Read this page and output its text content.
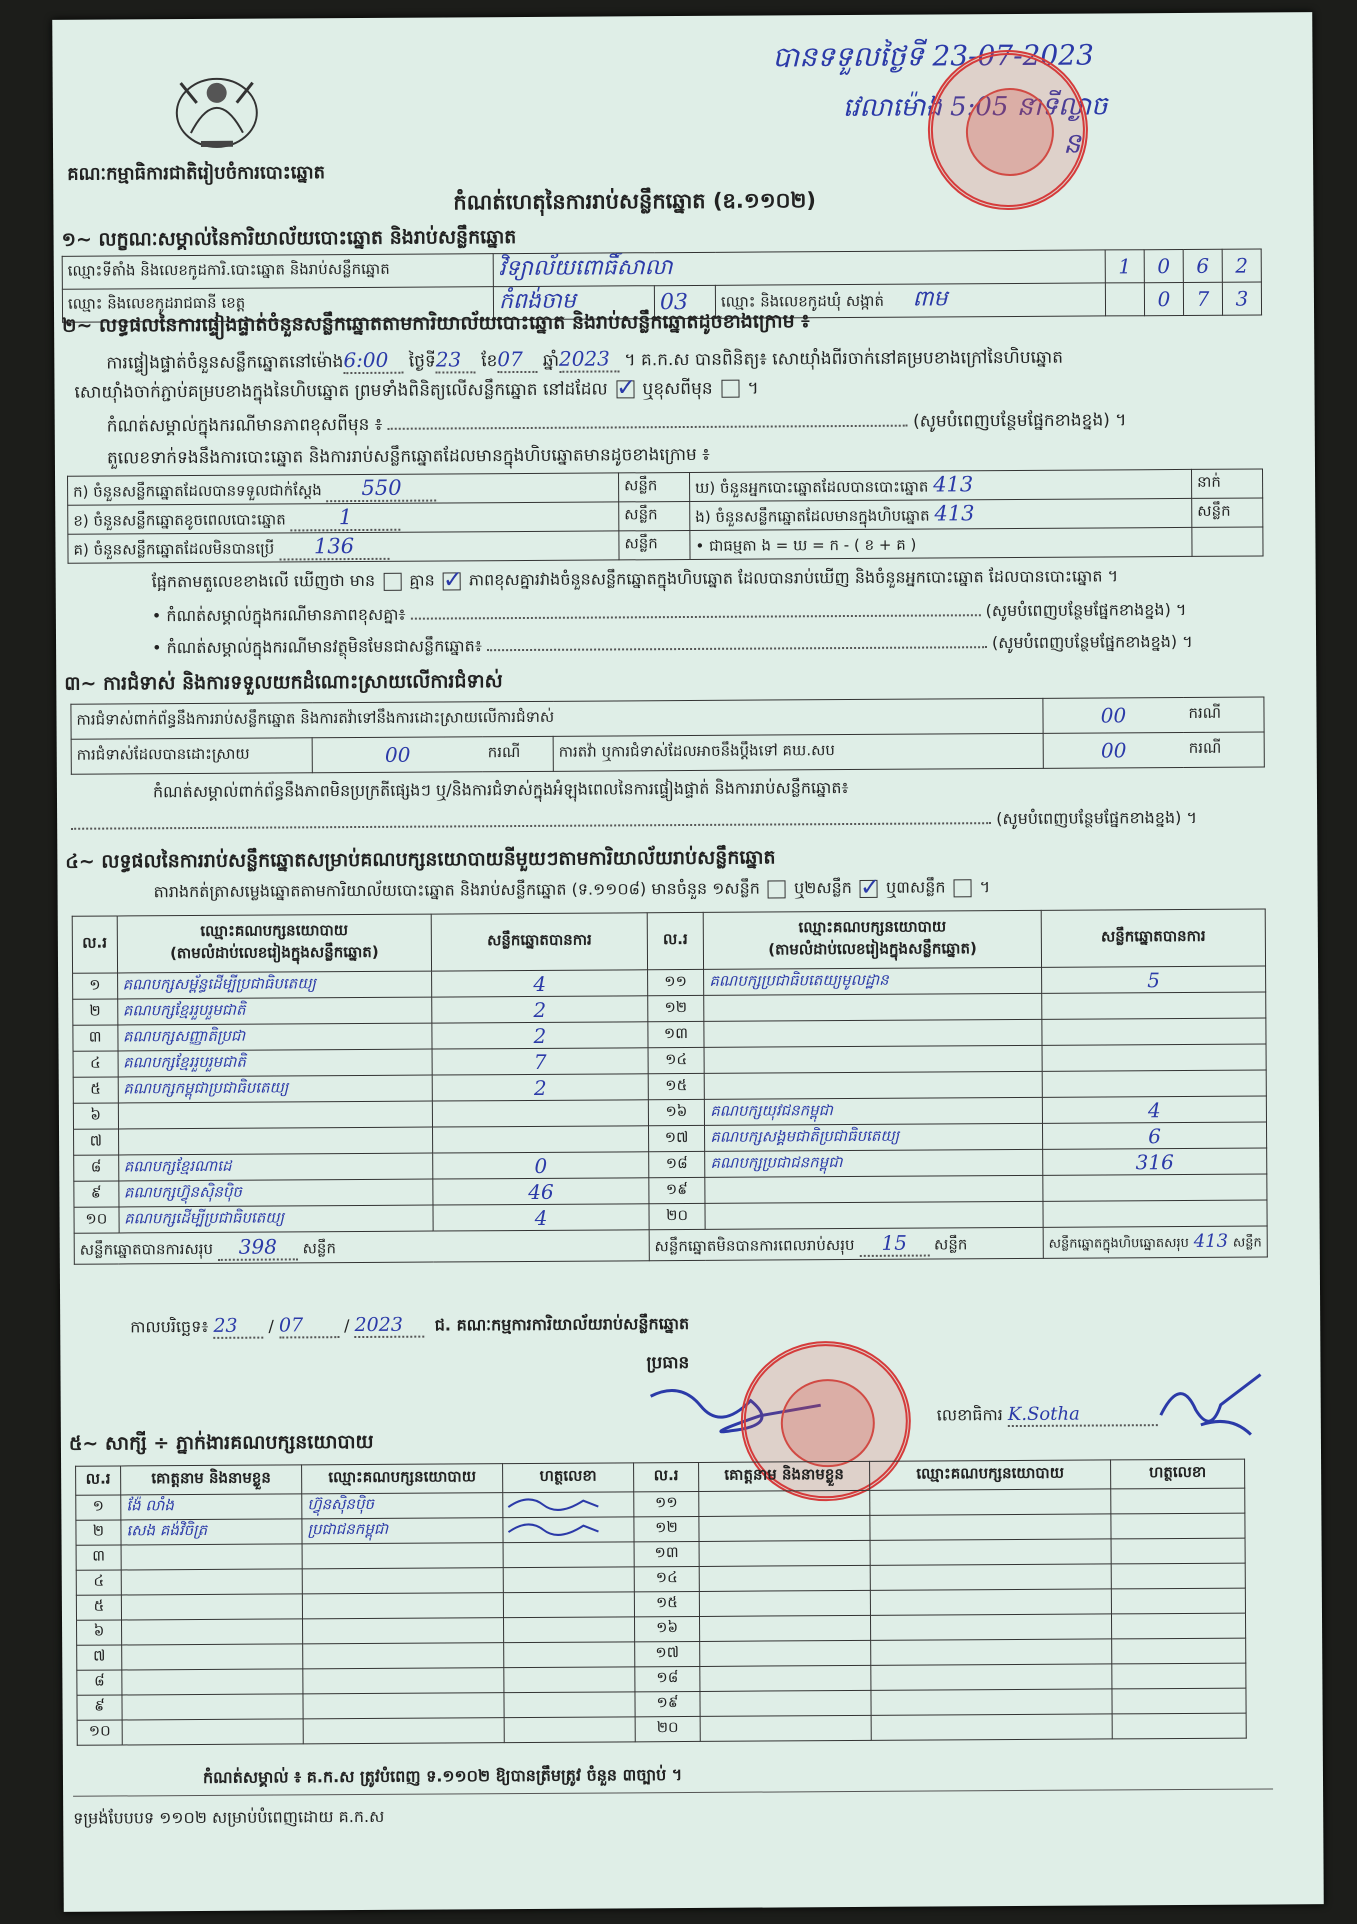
គណៈកម្មាធិការជាតិរៀបចំការបោះឆ្នោត
បានទទួលថ្ងៃទី 23-07-2023
វេលាម៉ោង 5:05 នាទីល្ងាច
ន
កំណត់ហេតុនៃការរាប់សន្លឹកឆ្នោត (ឧ.១១០២)
១~ លក្ខណៈសម្គាល់នៃការិយាល័យបោះឆ្នោត និងរាប់សន្លឹកឆ្នោត
ឈ្មោះទីតាំង និងលេខកូដការិ.បោះឆ្នោត និងរាប់សន្លឹកឆ្នោត	វិទ្យាល័យពោធិ៍សាលា			1	0	6	2
ឈ្មោះ និងលេខកូដរាជធានី ខេត្ត	កំពង់ចាម	03	ឈ្មោះ និងលេខកូដឃុំ សង្កាត់ ពាម		0	7	3
២~ លទ្ធផលនៃការផ្ទៀងផ្ទាត់ចំនួនសន្លឹកឆ្នោតតាមការិយាល័យបោះឆ្នោត និងរាប់សន្លឹកឆ្នោតដូចខាងក្រោម ៖
ការផ្ទៀងផ្ទាត់ចំនួនសន្លឹកឆ្នោតនៅម៉ោង6:00 ថ្ងៃទី23 ខែ07 ឆ្នាំ2023 ។ គ.ក.ស បានពិនិត្យ៖ សោយ៉ាំងពីរចាក់នៅគម្របខាងក្រៅនៃហិបឆ្នោត
សោយ៉ាំងចាក់ភ្ជាប់គម្របខាងក្នុងនៃហិបឆ្នោត ព្រមទាំងពិនិត្យលើសន្លឹកឆ្នោត នៅដដែល ✓ ឬខុសពីមុន  ។
កំណត់សម្គាល់ក្នុងករណីមានភាពខុសពីមុន ៖	(សូមបំពេញបន្ថែមផ្នែកខាងខ្នង) ។
តួលេខទាក់ទងនឹងការបោះឆ្នោត និងការរាប់សន្លឹកឆ្នោតដែលមានក្នុងហិបឆ្នោតមានដូចខាងក្រោម ៖
ក) ចំនួនសន្លឹកឆ្នោតដែលបានទទួលជាក់ស្តែង 550	សន្លឹក	ឃ) ចំនួនអ្នកបោះឆ្នោតដែលបានបោះឆ្នោត 413	នាក់
ខ) ចំនួនសន្លឹកឆ្នោតខូចពេលបោះឆ្នោត 1	សន្លឹក	ង) ចំនួនសន្លឹកឆ្នោតដែលមានក្នុងហិបឆ្នោត 413	សន្លឹក
គ) ចំនួនសន្លឹកឆ្នោតដែលមិនបានប្រើ 136	សន្លឹក	• ជាធម្មតា ង = ឃ = ក - ( ខ + គ )	
ផ្អែកតាមតួលេខខាងលើ ឃើញថា មាន គ្មាន ✓ ភាពខុសគ្នារវាងចំនួនសន្លឹកឆ្នោតក្នុងហិបឆ្នោត ដែលបានរាប់ឃើញ និងចំនួនអ្នកបោះឆ្នោត ដែលបានបោះឆ្នោត ។
• កំណត់សម្គាល់ក្នុងករណីមានភាពខុសគ្នា៖	(សូមបំពេញបន្ថែមផ្នែកខាងខ្នង) ។
• កំណត់សម្គាល់ក្នុងករណីមានវត្ថុមិនមែនជាសន្លឹកឆ្នោត៖	(សូមបំពេញបន្ថែមផ្នែកខាងខ្នង) ។
៣~ ការជំទាស់ និងការទទួលយកដំណោះស្រាយលើការជំទាស់
ការជំទាស់ពាក់ព័ន្ធនឹងការរាប់សន្លឹកឆ្នោត និងការតវ៉ាទៅនឹងការដោះស្រាយលើការជំទាស់				00	ករណី
ការជំទាស់ដែលបានដោះស្រាយ	00	ករណី	ការតវ៉ា ឬការជំទាស់ដែលអាចនឹងប្តឹងទៅ គឃ.សប	00	ករណី
កំណត់សម្គាល់ពាក់ព័ន្ធនឹងភាពមិនប្រក្រតីផ្សេងៗ ឬ/និងការជំទាស់ក្នុងអំឡុងពេលនៃការផ្ទៀងផ្ទាត់ និងការរាប់សន្លឹកឆ្នោត៖
(សូមបំពេញបន្ថែមផ្នែកខាងខ្នង) ។
៤~ លទ្ធផលនៃការរាប់សន្លឹកឆ្នោតសម្រាប់គណបក្សនយោបាយនីមួយៗតាមការិយាល័យរាប់សន្លឹកឆ្នោត
តារាងកត់ត្រាសម្លេងឆ្នោតតាមការិយាល័យបោះឆ្នោត និងរាប់សន្លឹកឆ្នោត (ទ.១១០៨) មានចំនួន ១សន្លឹក ឬ២សន្លឹក ✓ ឬ៣សន្លឹក  ។
ល.រ	ឈ្មោះគណបក្សនយោបាយ
(តាមលំដាប់លេខរៀងក្នុងសន្លឹកឆ្នោត)	សន្លឹកឆ្នោតបានការ	ល.រ	ឈ្មោះគណបក្សនយោបាយ
(តាមលំដាប់លេខរៀងក្នុងសន្លឹកឆ្នោត)	សន្លឹកឆ្នោតបានការ
១	គណបក្សសម្ព័ន្ធដើម្បីប្រជាធិបតេយ្យ	4	១១	គណបក្សប្រជាធិបតេយ្យមូលដ្ឋាន	5
២	គណបក្សខ្មែររួបរួមជាតិ	2	១២		
៣	គណបក្សសញ្ញាតិប្រជា	2	១៣		
៤	គណបក្សខ្មែររួបរួមជាតិ	7	១៤		
៥	គណបក្សកម្ពុជាប្រជាធិបតេយ្យ	2	១៥		
៦			១៦	គណបក្សយុវជនកម្ពុជា	4
៧			១៧	គណបក្សសង្គមជាតិប្រជាធិបតេយ្យ	6
៨	គណបក្សខ្មែរណាដេ	0	១៨	គណបក្សប្រជាជនកម្ពុជា	316
៩	គណបក្សហ៊្វុនស៊ិនប៉ិច	46	១៩		
១០	គណបក្សដើម្បីប្រជាធិបតេយ្យ	4	២០		
សន្លឹកឆ្នោតបានការសរុប 398 សន្លឹក			សន្លឹកឆ្នោតមិនបានការពេលរាប់សរុប 15 សន្លឹក		សន្លឹកឆ្នោតក្នុងហិបឆ្នោតសរុប 413 សន្លឹក
កាលបរិច្ឆេទ៖ 23 / 07 / 2023 ជ. គណៈកម្មការការិយាល័យរាប់សន្លឹកឆ្នោត
ប្រធាន
លេខាធិការ K.Sotha
៥~ សាក្សី ÷ ភ្នាក់ងារគណបក្សនយោបាយ
ល.រ	គោត្តនាម និងនាមខ្លួន	ឈ្មោះគណបក្សនយោបាយ	ហត្ថលេខា	ល.រ	គោត្តនាម និងនាមខ្លួន	ឈ្មោះគណបក្សនយោបាយ	ហត្ថលេខា
១	ង៉ែ លាំង	ហ៊្វុនស៊ិនប៉ិច		១១			
២	សេង គង់វិចិត្រ	ប្រជាជនកម្ពុជា		១២			
៣				១៣			
៤				១៤			
៥				១៥			
៦				១៦			
៧				១៧			
៨				១៨			
៩				១៩			
១០				២០			
កំណត់សម្គាល់ ៖ គ.ក.ស ត្រូវបំពេញ ទ.១១០២ ឱ្យបានត្រឹមត្រូវ ចំនួន ៣ច្បាប់ ។
ទម្រង់បែបបទ ១១០២ សម្រាប់បំពេញដោយ គ.ក.ស
